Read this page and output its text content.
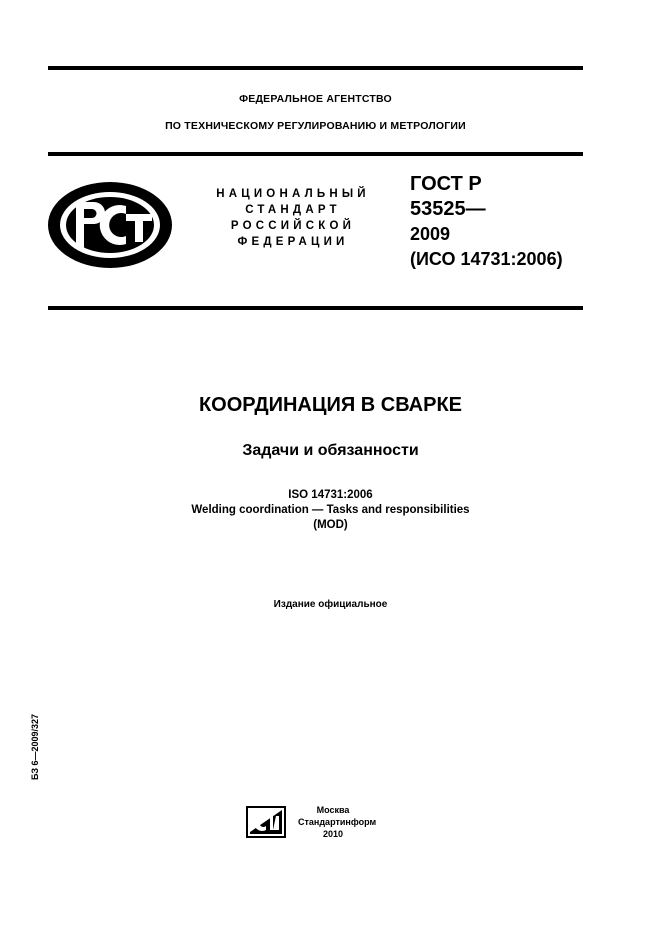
ФЕДЕРАЛЬНОЕ АГЕНТСТВО
ПО ТЕХНИЧЕСКОМУ РЕГУЛИРОВАНИЮ И МЕТРОЛОГИИ
РСТ
НАЦИОНАЛЬНЫЙ
СТАНДАРТ
РОССИЙСКОЙ
ФЕДЕРАЦИИ
ГОСТ Р
53525—
2009
(ИСО 14731:2006)
КООРДИНАЦИЯ В СВАРКЕ
Задачи и обязанности
ISO 14731:2006
Welding coordination — Tasks and responsibilities
(MOD)
Издание официальное
БЗ 6—2009/327
Москва
Стандартинформ
2010
